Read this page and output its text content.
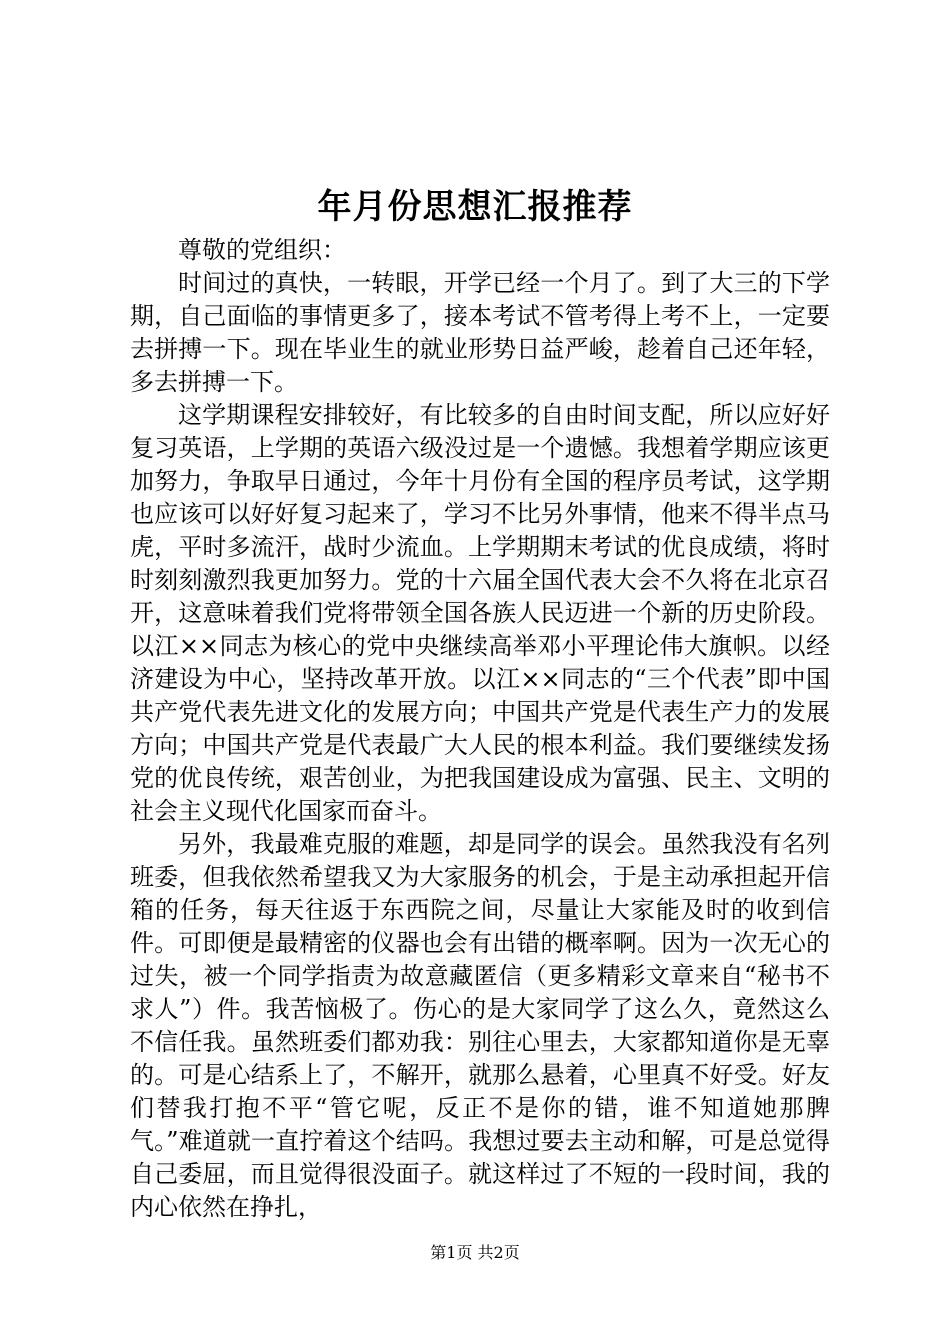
年月份思想汇报推荐

尊敬的党组织：

时间过的真快，一转眼，开学已经一个月了。到了大三的下学期，自己面临的事情更多了，接本考试不管考得上考不上，一定要去拼搏一下。现在毕业生的就业形势日益严峻，趁着自己还年轻，多去拼搏一下。

这学期课程安排较好，有比较多的自由时间支配，所以应好好复习英语，上学期的英语六级没过是一个遗憾。我想着学期应该更加努力，争取早日通过，今年十月份有全国的程序员考试，这学期也应该可以好好复习起来了，学习不比另外事情，他来不得半点马虎，平时多流汗，战时少流血。上学期期末考试的优良成绩，将时时刻刻激烈我更加努力。党的十六届全国代表大会不久将在北京召开，这意味着我们党将带领全国各族人民迈进一个新的历史阶段。以江××同志为核心的党中央继续高举邓小平理论伟大旗帜。以经济建设为中心，坚持改革开放。以江××同志的“三个代表”即中国共产党代表先进文化的发展方向；中国共产党是代表生产力的发展方向；中国共产党是代表最广大人民的根本利益。我们要继续发扬党的优良传统，艰苦创业，为把我国建设成为富强、民主、文明的社会主义现代化国家而奋斗。

另外，我最难克服的难题，却是同学的误会。虽然我没有名列班委，但我依然希望我又为大家服务的机会，于是主动承担起开信箱的任务，每天往返于东西院之间，尽量让大家能及时的收到信件。可即便是最精密的仪器也会有出错的概率啊。因为一次无心的过失，被一个同学指责为故意藏匿信（更多精彩文章来自“秘书不求人”）件。我苦恼极了。伤心的是大家同学了这么久，竟然这么不信任我。虽然班委们都劝我：别往心里去，大家都知道你是无辜的。可是心结系上了，不解开，就那么悬着，心里真不好受。好友们替我打抱不平“管它呢，反正不是你的错，谁不知道她那脾气。”难道就一直拧着这个结吗。我想过要去主动和解，可是总觉得自己委屈，而且觉得很没面子。就这样过了不短的一段时间，我的内心依然在挣扎，

第1页 共2页
